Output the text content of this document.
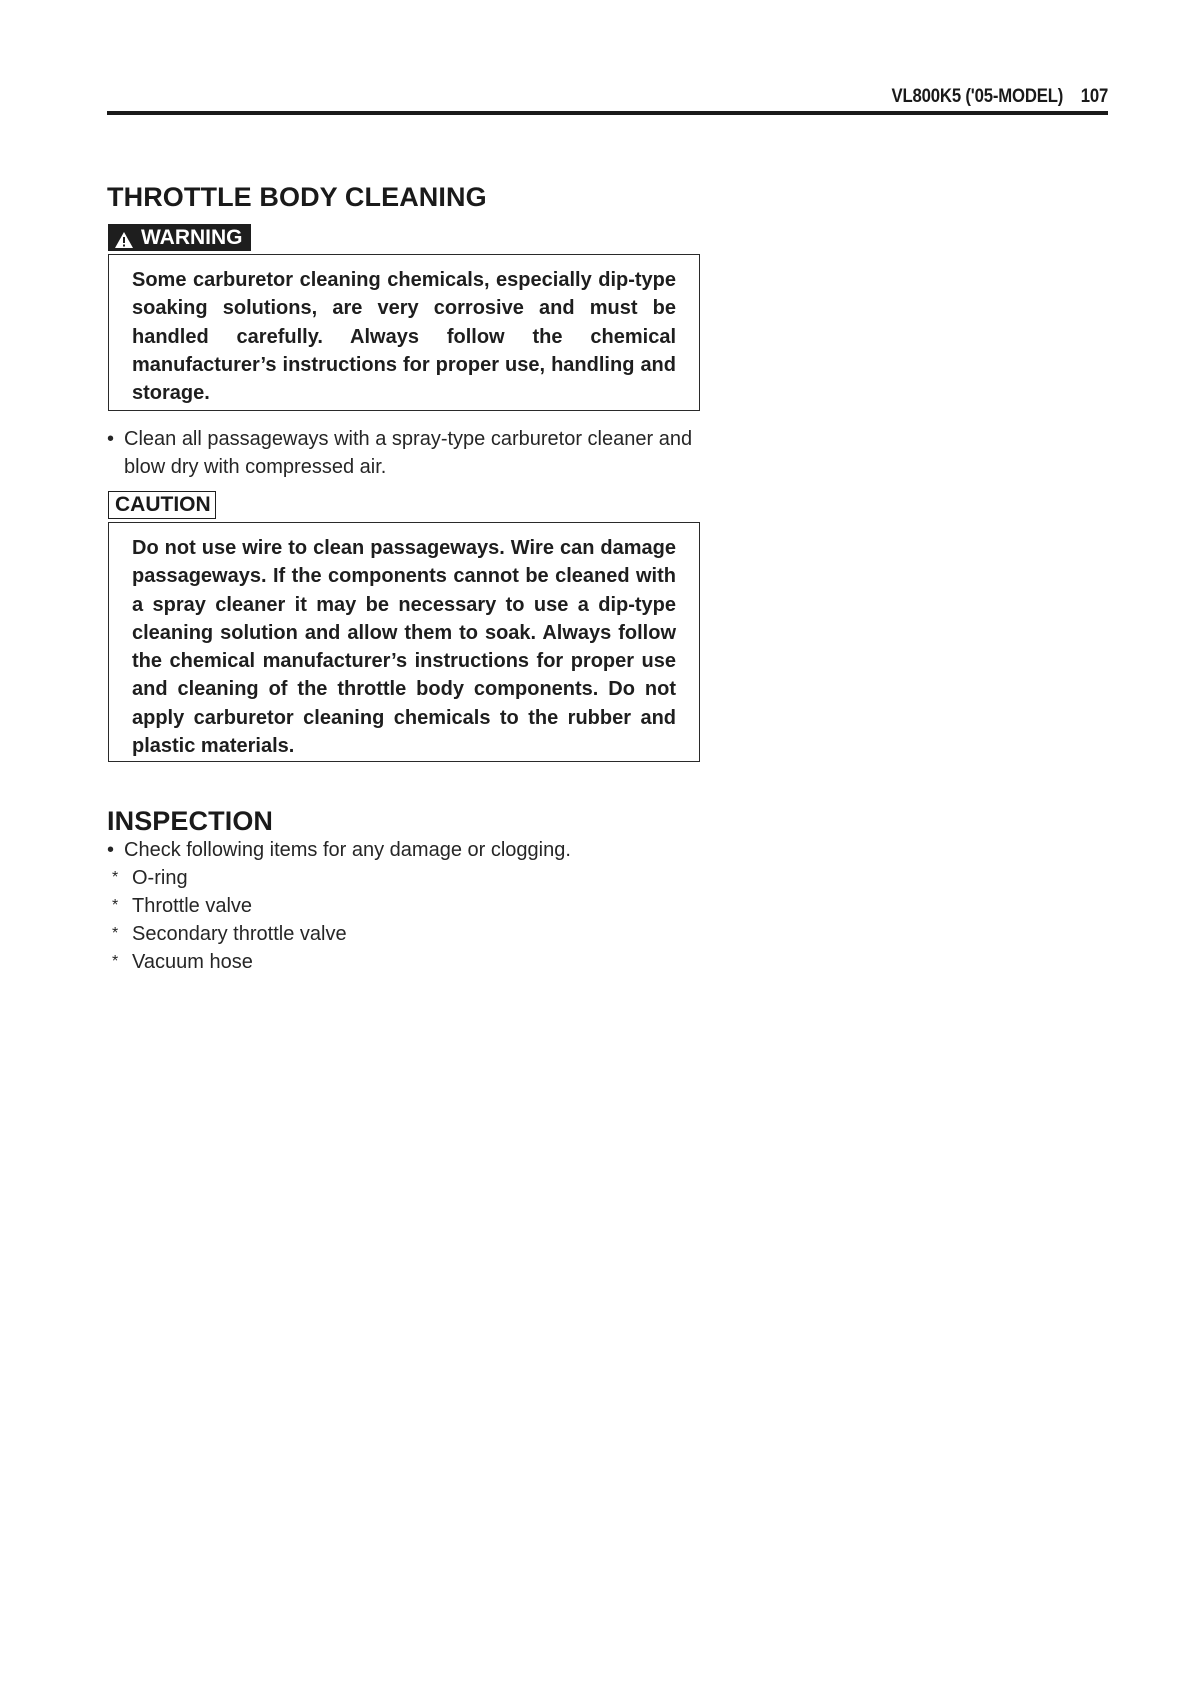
VL800K5 ('05-MODEL) 107
THROTTLE BODY CLEANING
WARNING

Some carburetor cleaning chemicals, especially dip-type soaking solutions, are very corrosive and must be handled carefully. Always follow the chemical manufacturer’s instructions for proper use, handling and storage.

• Clean all passageways with a spray-type carburetor cleaner and blow dry with compressed air.

CAUTION

Do not use wire to clean passageways. Wire can damage passageways. If the components cannot be cleaned with a spray cleaner it may be necessary to use a dip-type cleaning solution and allow them to soak. Always follow the chemical manufacturer’s instructions for proper use and cleaning of the throttle body components. Do not apply carburetor cleaning chemicals to the rubber and plastic materials.

INSPECTION

• Check following items for any damage or clogging.

* O-ring
* Throttle valve
* Secondary throttle valve
* Vacuum hose
